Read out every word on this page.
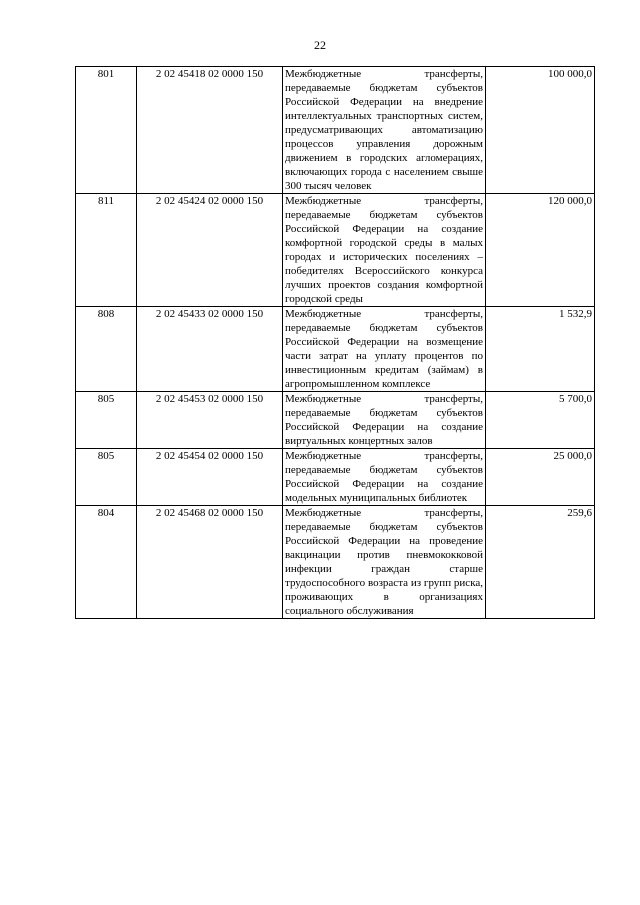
22
801	2 02 45418 02 0000 150	Межбюджетные трансферты, передаваемые бюджетам субъектов Российской Федерации на внедрение интеллектуальных транспортных систем, предусматривающих автоматизацию процессов управления дорожным движением в городских агломерациях, включающих города с населением свыше 300 тысяч человек	100 000,0
811	2 02 45424 02 0000 150	Межбюджетные трансферты, передаваемые бюджетам субъектов Российской Федерации на создание комфортной городской среды в малых городах и исторических поселениях – победителях Всероссийского конкурса лучших проектов создания комфортной городской среды	120 000,0
808	2 02 45433 02 0000 150	Межбюджетные трансферты, передаваемые бюджетам субъектов Российской Федерации на возмещение части затрат на уплату процентов по инвестиционным кредитам (займам) в агропромышленном комплексе	1 532,9
805	2 02 45453 02 0000 150	Межбюджетные трансферты, передаваемые бюджетам субъектов Российской Федерации на создание виртуальных концертных залов	5 700,0
805	2 02 45454 02 0000 150	Межбюджетные трансферты, передаваемые бюджетам субъектов Российской Федерации на создание модельных муниципальных библиотек	25 000,0
804	2 02 45468 02 0000 150	Межбюджетные трансферты, передаваемые бюджетам субъектов Российской Федерации на проведение вакцинации против пневмококковой инфекции граждан старше трудоспособного возраста из групп риска, проживающих в организациях социального обслуживания	259,6
